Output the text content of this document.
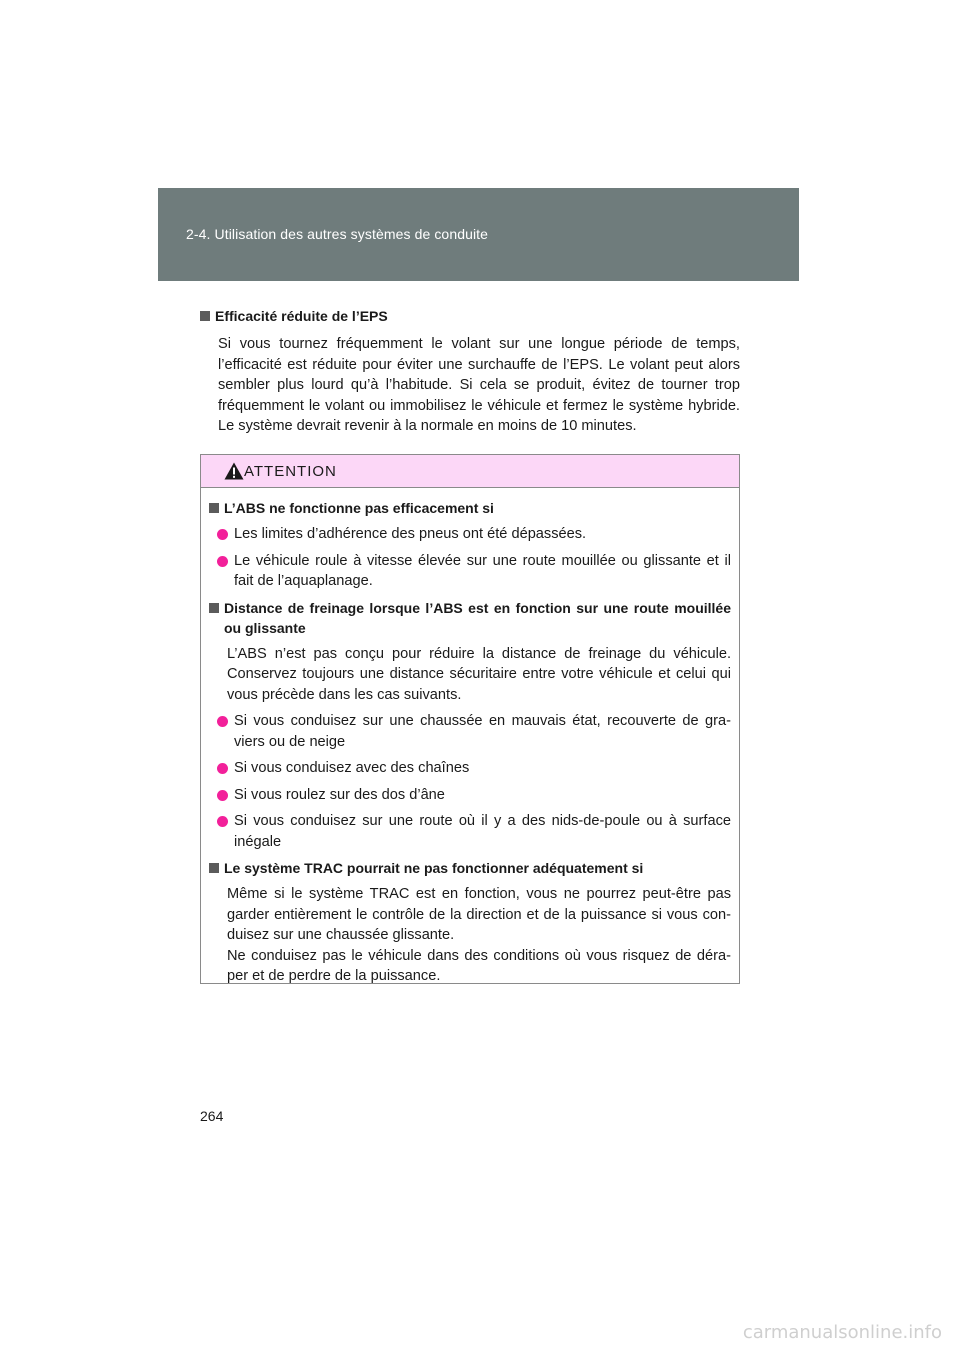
2-4. Utilisation des autres systèmes de conduite
Efficacité réduite de l’EPS
Si vous tournez fréquemment le volant sur une longue période de temps, l’efficacité est réduite pour éviter une surchauffe de l’EPS. Le volant peut alors sembler plus lourd qu’à l’habitude. Si cela se produit, évitez de tourner trop fréquemment le volant ou immobilisez le véhicule et fermez le système hybride. Le système devrait revenir à la normale en moins de 10 minutes.
ATTENTION
L’ABS ne fonctionne pas efficacement si
Les limites d’adhérence des pneus ont été dépassées.
Le véhicule roule à vitesse élevée sur une route mouillée ou glissante et il fait de l’aquaplanage.
Distance de freinage lorsque l’ABS est en fonction sur une route mouillée ou glissante
L’ABS n’est pas conçu pour réduire la distance de freinage du véhicule. Conservez toujours une distance sécuritaire entre votre véhicule et celui qui vous précède dans les cas suivants.
Si vous conduisez sur une chaussée en mauvais état, recouverte de gra-viers ou de neige
Si vous conduisez avec des chaînes
Si vous roulez sur des dos d’âne
Si vous conduisez sur une route où il y a des nids-de-poule ou à surface inégale
Le système TRAC pourrait ne pas fonctionner adéquatement si
Même si le système TRAC est en fonction, vous ne pourrez peut-être pas garder entièrement le contrôle de la direction et de la puissance si vous con-duisez sur une chaussée glissante.
Ne conduisez pas le véhicule dans des conditions où vous risquez de déra-per et de perdre de la puissance.
264
carmanualsonline.info
